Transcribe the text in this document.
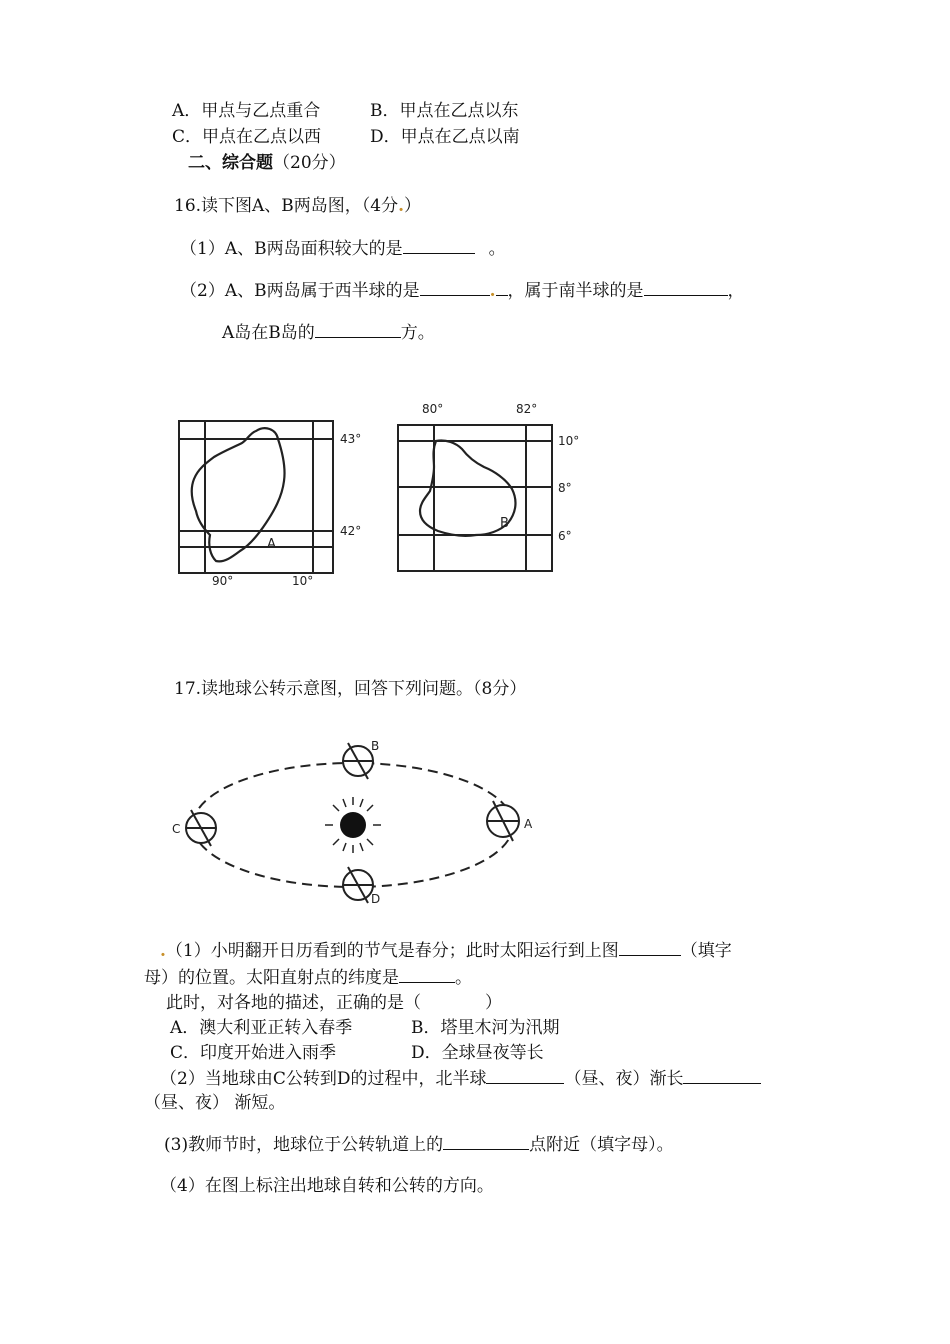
A．甲点与乙点重合	B．甲点在乙点以东
C．甲点在乙点以西	D．甲点在乙点以南
二、综合题（20分）
16.读下图A、B两岛图，（4分.）
（1）A、B两岛面积较大的是	。
（2）A、B两岛属于西半球的是	. ，属于南半球的是	，
A岛在B岛的	方。
A
43°
42°
90°	10°
B
80°	82°
10°
8°
6°
17.读地球公转示意图，回答下列问题。（8分）
B
A
C
D
.（1）小明翻开日历看到的节气是春分；此时太阳运行到上图	（填字
母）的位置。太阳直射点的纬度是	。
此时，对各地的描述，正确的是（	）
A．澳大利亚正转入春季	B．塔里木河为汛期
C．印度开始进入雨季	D．全球昼夜等长
（2）当地球由C公转到D的过程中，北半球	（昼、夜）渐长
（昼、夜） 渐短。
(3)教师节时，地球位于公转轨道上的	点附近（填字母）。
（4）在图上标注出地球自转和公转的方向。
